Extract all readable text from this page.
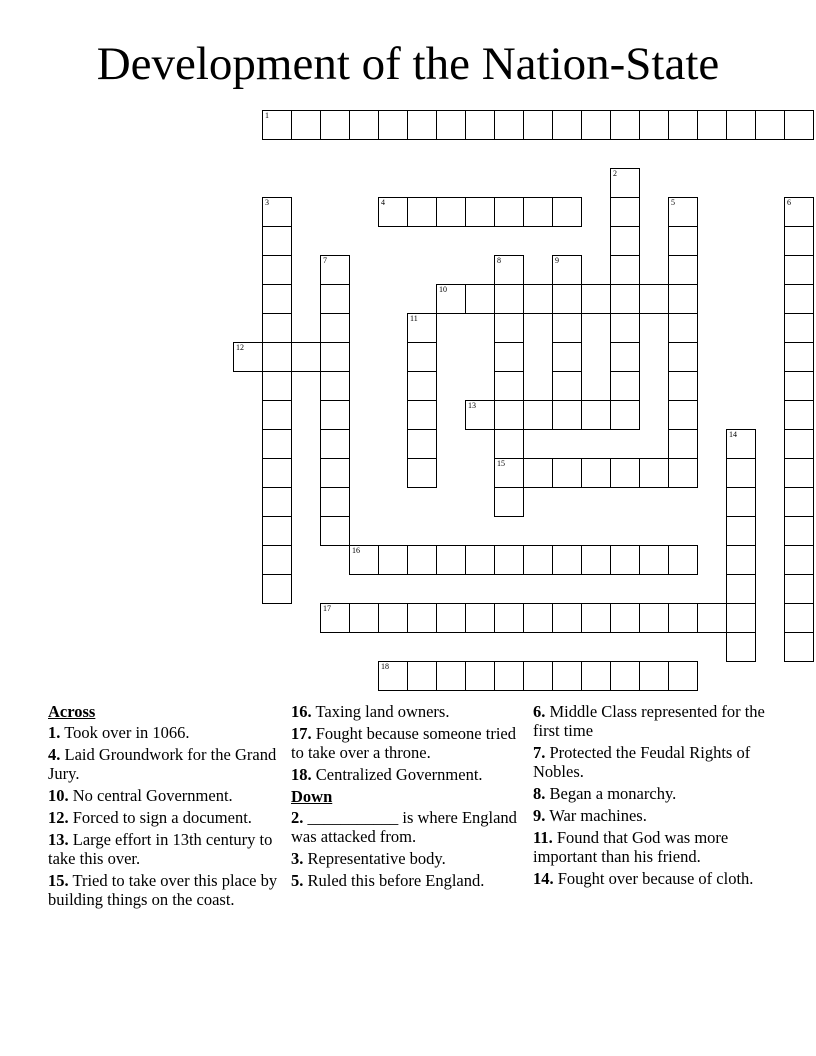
Development of the Nation-State
1
2
3	4	5	6
7	8
15
9
10
11
12
13
14
16
17
18
Across
1. Took over in 1066.
4. Laid Groundwork for the Grand Jury.
10. No central Government.
12. Forced to sign a document.
13. Large effort in 13th century to take this over.
15. Tried to take over this place by building things on the coast.
16. Taxing land owners.
17. Fought because someone tried to take over a throne.
18. Centralized Government.
Down
2. ___________ is where England was attacked from.
3. Representative body.
5. Ruled this before England.
6. Middle Class represented for the first time
7. Protected the Feudal Rights of Nobles.
8. Began a monarchy.
9. War machines.
11. Found that God was more important than his friend.
14. Fought over because of cloth.
